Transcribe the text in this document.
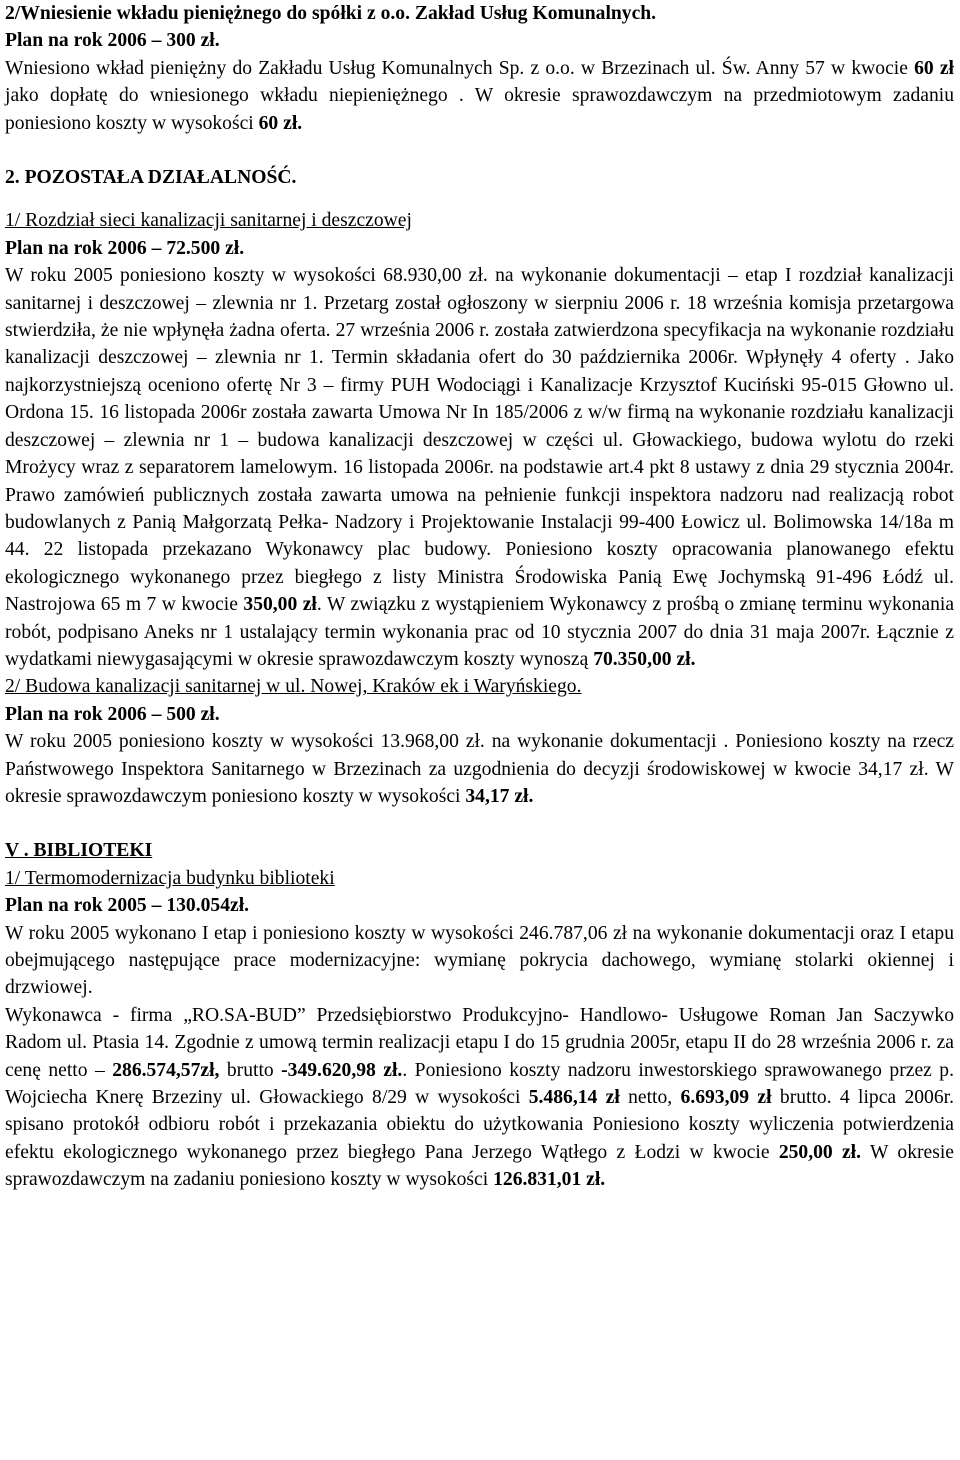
2/Wniesienie wkładu pieniężnego do spółki z o.o. Zakład Usług Komunalnych.

Plan na rok 2006 – 300 zł.

Wniesiono wkład pieniężny do Zakładu Usług Komunalnych Sp. z o.o. w Brzezinach ul. Św. Anny 57 w kwocie 60 zł jako dopłatę do wniesionego wkładu niepieniężnego . W okresie sprawozdawczym na przedmiotowym zadaniu poniesiono koszty w wysokości 60 zł.

2. POZOSTAŁA DZIAŁALNOŚĆ.

1/ Rozdział sieci kanalizacji sanitarnej i deszczowej

Plan na rok 2006 – 72.500 zł.

W roku 2005 poniesiono koszty w wysokości 68.930,00 zł. na wykonanie dokumentacji – etap I rozdział kanalizacji sanitarnej i deszczowej – zlewnia nr 1. Przetarg został ogłoszony w sierpniu 2006 r. 18 września komisja przetargowa stwierdziła, że nie wpłynęła żadna oferta. 27 września 2006 r. została zatwierdzona specyfikacja na wykonanie rozdziału kanalizacji deszczowej – zlewnia nr 1. Termin składania ofert do 30 października 2006r. Wpłynęły 4 oferty . Jako najkorzystniejszą oceniono ofertę Nr 3 – firmy PUH Wodociągi i Kanalizacje Krzysztof Kuciński 95-015 Głowno ul. Ordona 15. 16 listopada 2006r została zawarta Umowa Nr In 185/2006 z w/w firmą na wykonanie rozdziału kanalizacji deszczowej – zlewnia nr 1 – budowa kanalizacji deszczowej w części ul. Głowackiego, budowa wylotu do rzeki Mrożycy wraz z separatorem lamelowym. 16 listopada 2006r. na podstawie art.4 pkt 8 ustawy z dnia 29 stycznia 2004r. Prawo zamówień publicznych została zawarta umowa na pełnienie funkcji inspektora nadzoru nad realizacją robot budowlanych z Panią Małgorzatą Pełka- Nadzory i Projektowanie Instalacji 99-400 Łowicz ul. Bolimowska 14/18a m 44. 22 listopada przekazano Wykonawcy plac budowy. Poniesiono koszty opracowania planowanego efektu ekologicznego wykonanego przez biegłego z listy Ministra Środowiska Panią Ewę Jochymską 91-496 Łódź ul. Nastrojowa 65 m 7 w kwocie 350,00 zł. W związku z wystąpieniem Wykonawcy z prośbą o zmianę terminu wykonania robót, podpisano Aneks nr 1 ustalający termin wykonania prac od 10 stycznia 2007 do dnia 31 maja 2007r. Łącznie z wydatkami niewygasającymi w okresie sprawozdawczym koszty wynoszą 70.350,00 zł.

2/ Budowa kanalizacji sanitarnej w ul. Nowej, Kraków ek i Waryńskiego.

Plan na rok 2006 – 500 zł.

W roku 2005 poniesiono koszty w wysokości 13.968,00 zł. na wykonanie dokumentacji . Poniesiono koszty na rzecz Państwowego Inspektora Sanitarnego w Brzezinach za uzgodnienia do decyzji środowiskowej w kwocie 34,17 zł. W okresie sprawozdawczym poniesiono koszty w wysokości 34,17 zł.

V . BIBLIOTEKI

1/ Termomodernizacja budynku biblioteki

Plan na rok 2005 – 130.054zł.

W roku 2005 wykonano I etap i poniesiono koszty w wysokości 246.787,06 zł na wykonanie dokumentacji oraz I etapu obejmującego następujące prace modernizacyjne: wymianę pokrycia dachowego, wymianę stolarki okiennej i drzwiowej.

Wykonawca - firma „RO.SA-BUD” Przedsiębiorstwo Produkcyjno- Handlowo- Usługowe Roman Jan Saczywko Radom ul. Ptasia 14. Zgodnie z umową termin realizacji etapu I do 15 grudnia 2005r, etapu II do 28 września 2006 r. za cenę netto – 286.574,57zł, brutto -349.620,98 zł.. Poniesiono koszty nadzoru inwestorskiego sprawowanego przez p. Wojciecha Knerę Brzeziny ul. Głowackiego 8/29 w wysokości 5.486,14 zł netto, 6.693,09 zł brutto. 4 lipca 2006r. spisano protokół odbioru robót i przekazania obiektu do użytkowania Poniesiono koszty wyliczenia potwierdzenia efektu ekologicznego wykonanego przez biegłego Pana Jerzego Wątłego z Łodzi w kwocie 250,00 zł. W okresie sprawozdawczym na zadaniu poniesiono koszty w wysokości 126.831,01 zł.
